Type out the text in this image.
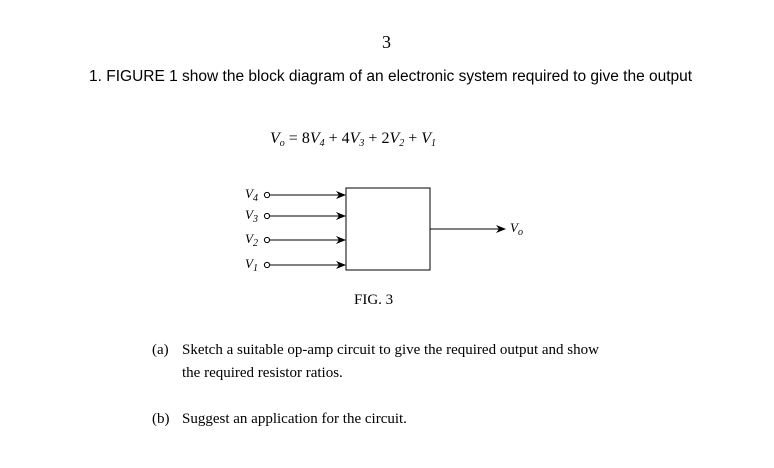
3
1. FIGURE 1 show the block diagram of an electronic system required to give the output
$V_o = 8V_4 + 4V_3 + 2V_2 + V_1$
$V_4$
$V_3$
$V_2$
$V_1$
$V_o$
FIG. 3
(a) Sketch a suitable op-amp circuit to give the required output and show
the required resistor ratios.
(b) Suggest an application for the circuit.
